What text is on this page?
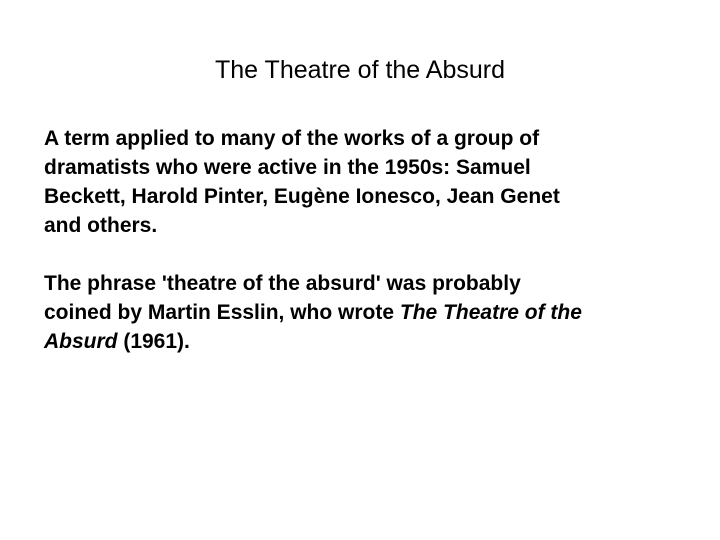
The Theatre of the Absurd

A term applied to many of the works of a group of
dramatists who were active in the 1950s: Samuel
Beckett, Harold Pinter, Eugène Ionesco, Jean Genet
and others.

The phrase 'theatre of the absurd' was probably
coined by Martin Esslin, who wrote The Theatre of the
Absurd (1961).
